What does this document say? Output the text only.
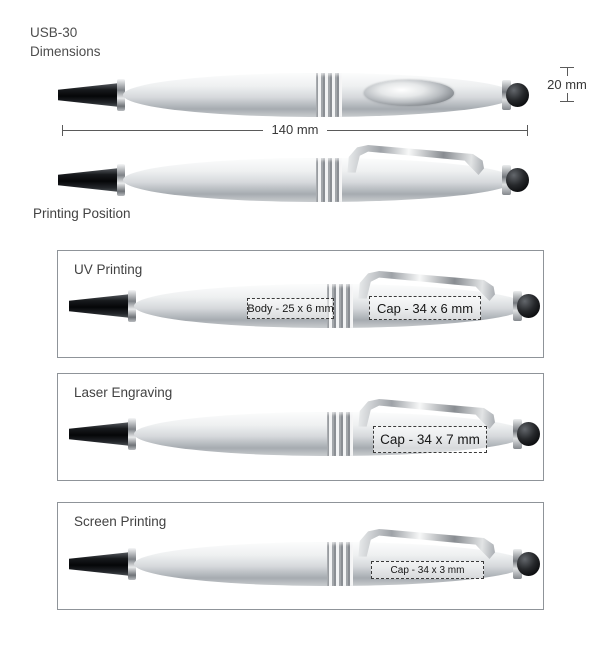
USB-30
Dimensions
20 mm
140 mm
Printing Position
UV Printing
Body - 25 x 6 mm	Cap - 34 x 6 mm
Laser Engraving
Cap - 34 x 7 mm
Screen Printing
Cap - 34 x 3 mm
